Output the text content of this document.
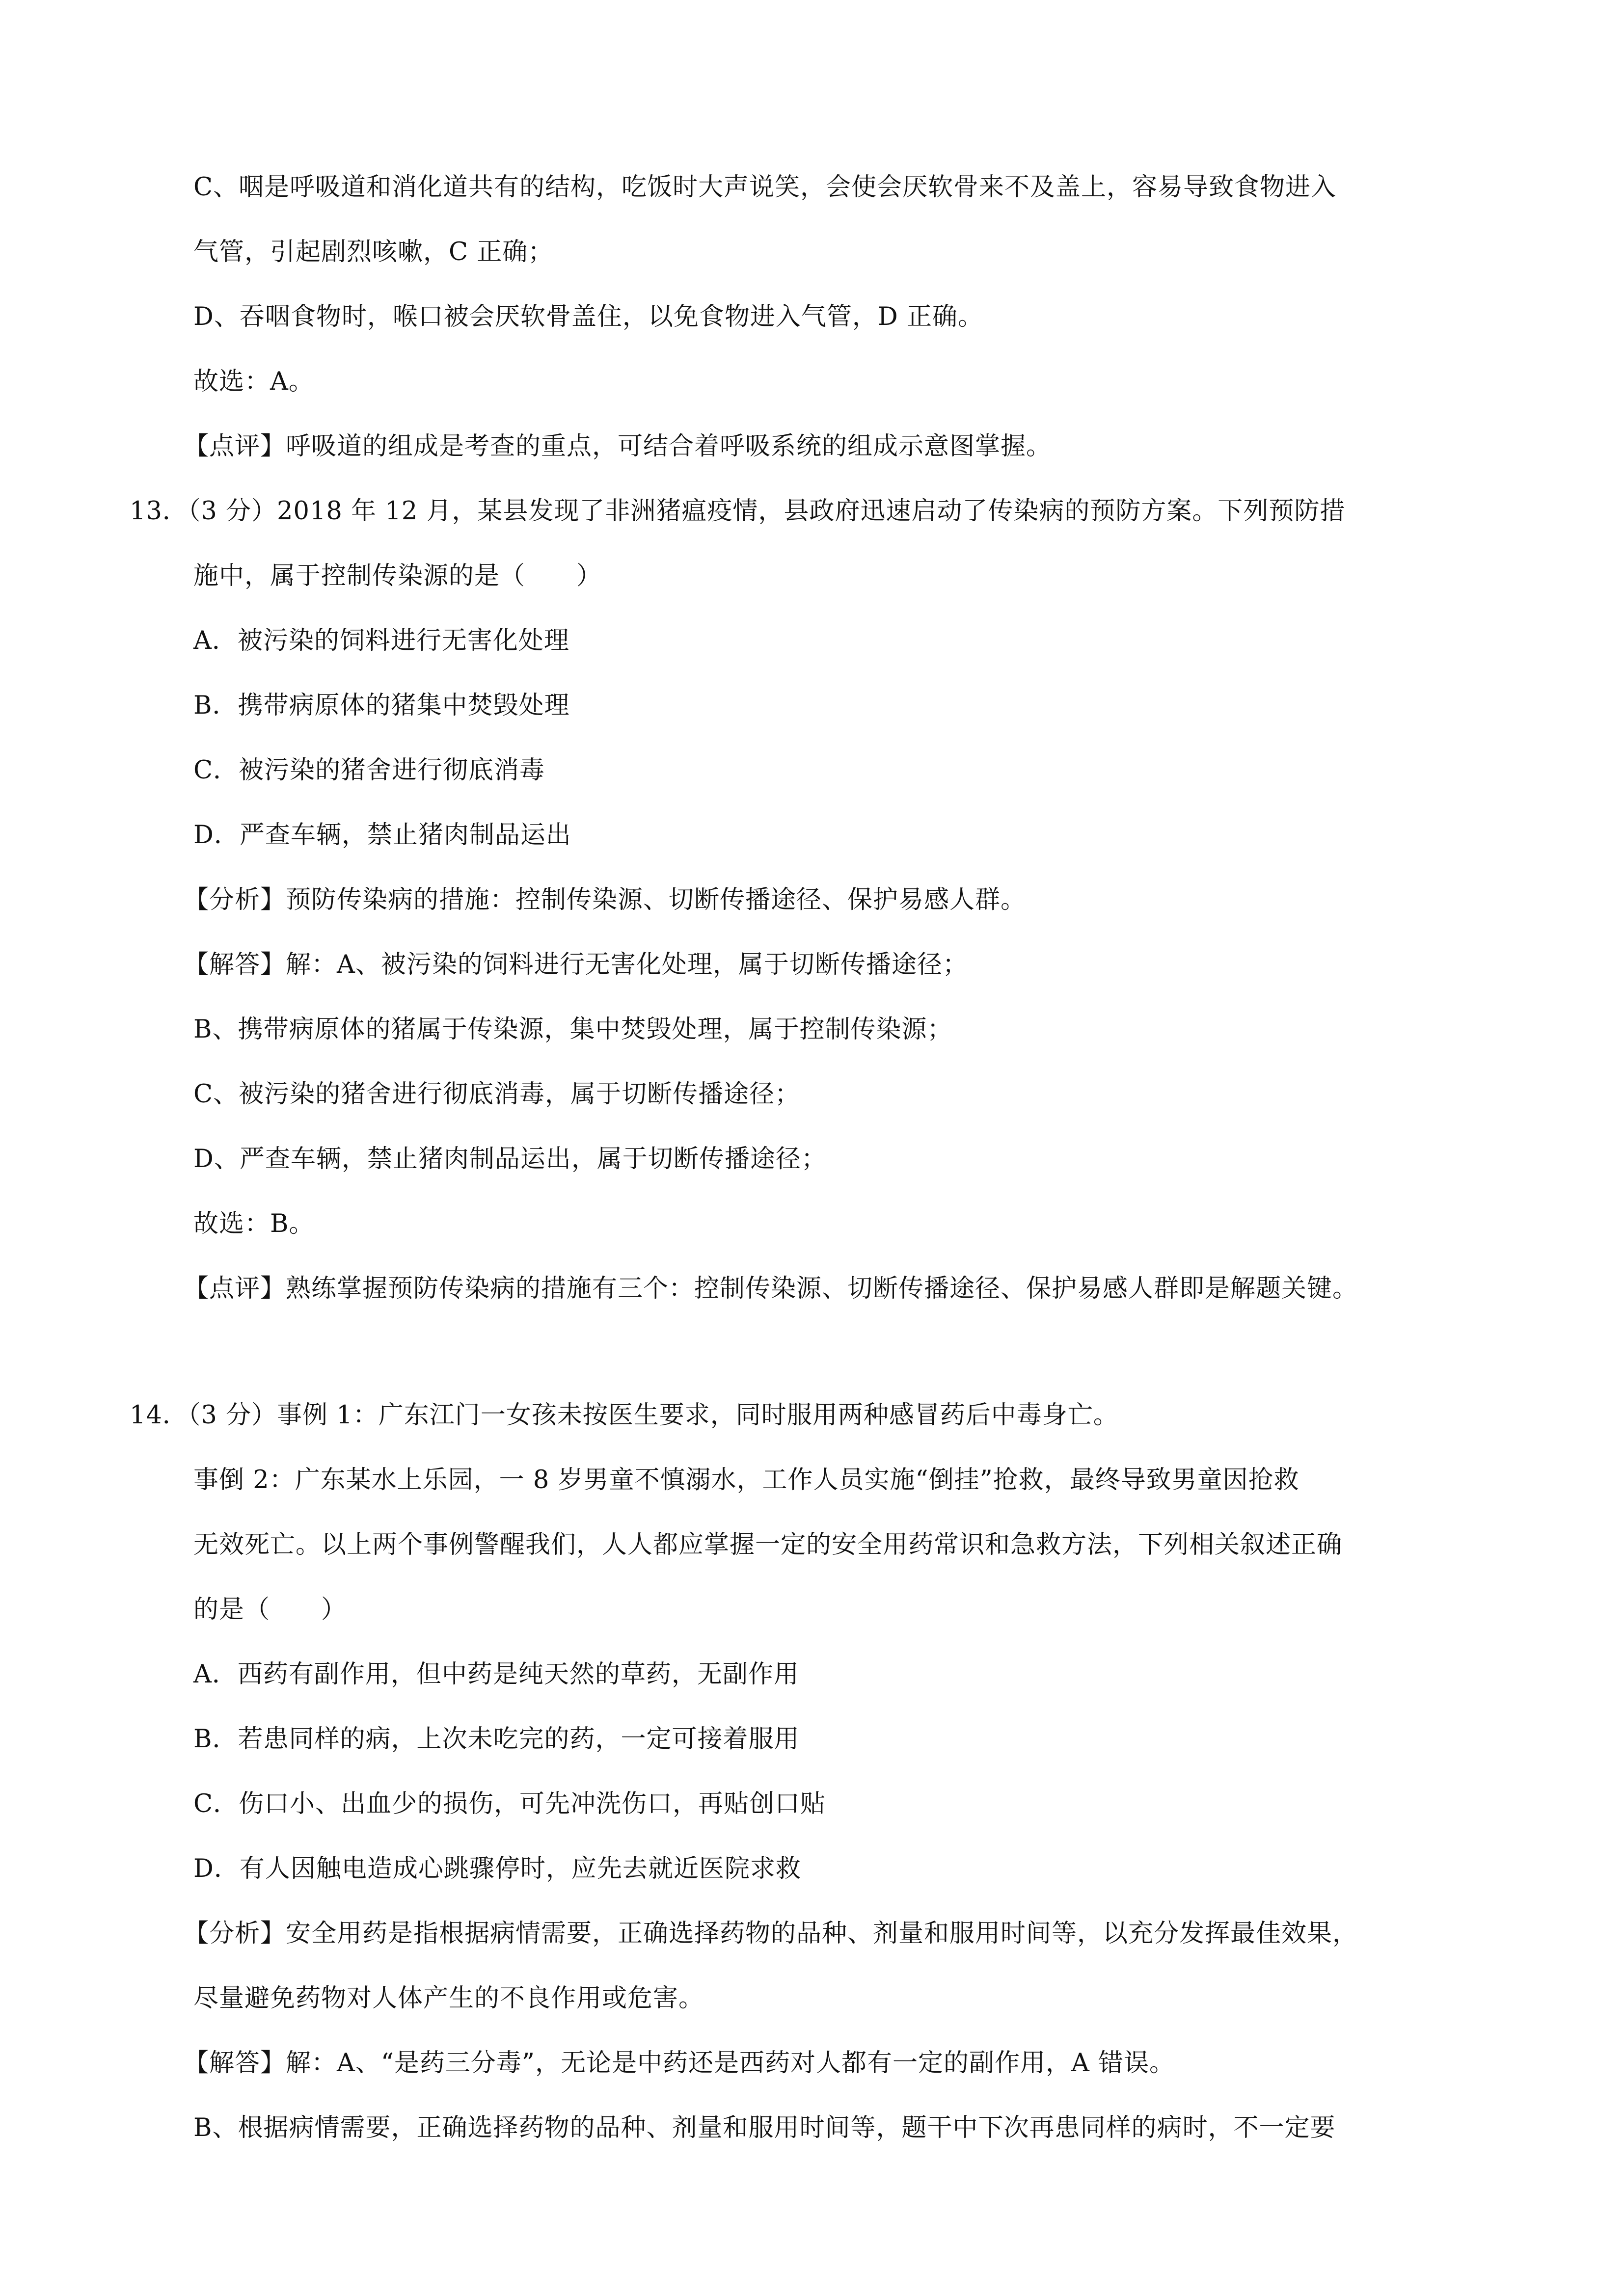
C、咽是呼吸道和消化道共有的结构，吃饭时大声说笑，会使会厌软骨来不及盖上，容易导致食物进入
气管，引起剧烈咳嗽，C 正确；
D、吞咽食物时，喉口被会厌软骨盖住，以免食物进入气管，D 正确。
故选：A。
【点评】呼吸道的组成是考查的重点，可结合着呼吸系统的组成示意图掌握。
13．（3 分）2018 年 12 月，某县发现了非洲猪瘟疫情，县政府迅速启动了传染病的预防方案。下列预防措
施中，属于控制传染源的是（　　）
A．被污染的饲料进行无害化处理
B．携带病原体的猪集中焚毁处理
C．被污染的猪舍进行彻底消毒
D．严查车辆，禁止猪肉制品运出
【分析】预防传染病的措施：控制传染源、切断传播途径、保护易感人群。
【解答】解：A、被污染的饲料进行无害化处理，属于切断传播途径；
B、携带病原体的猪属于传染源，集中焚毁处理，属于控制传染源；
C、被污染的猪舍进行彻底消毒，属于切断传播途径；
D、严查车辆，禁止猪肉制品运出，属于切断传播途径；
故选：B。
【点评】熟练掌握预防传染病的措施有三个：控制传染源、切断传播途径、保护易感人群即是解题关键。
14．（3 分）事例 1：广东江门一女孩未按医生要求，同时服用两种感冒药后中毒身亡。
事倒 2：广东某水上乐园，一 8 岁男童不慎溺水，工作人员实施“倒挂”抢救，最终导致男童因抢救
无效死亡。以上两个事例警醒我们，人人都应掌握一定的安全用药常识和急救方法，下列相关叙述正确
的是（　　）
A．西药有副作用，但中药是纯天然的草药，无副作用
B．若患同样的病，上次未吃完的药，一定可接着服用
C．伤口小、出血少的损伤，可先冲洗伤口，再贴创口贴
D．有人因触电造成心跳骤停时，应先去就近医院求救
【分析】安全用药是指根据病情需要，正确选择药物的品种、剂量和服用时间等，以充分发挥最佳效果，
尽量避免药物对人体产生的不良作用或危害。
【解答】解：A、“是药三分毒”，无论是中药还是西药对人都有一定的副作用，A 错误。
B、根据病情需要，正确选择药物的品种、剂量和服用时间等，题干中下次再患同样的病时，不一定要
